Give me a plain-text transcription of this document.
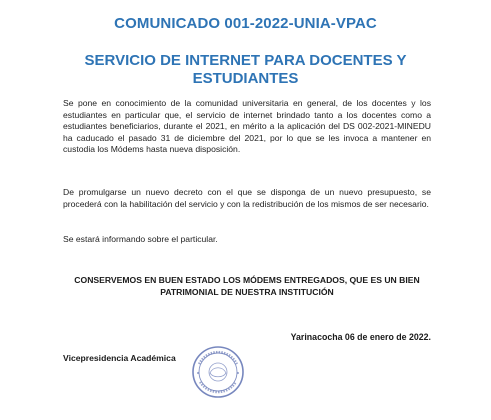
COMUNICADO 001-2022-UNIA-VPAC
SERVICIO DE INTERNET PARA DOCENTES Y ESTUDIANTES
Se pone en conocimiento de la comunidad universitaria en general, de los docentes y los estudiantes en particular que, el servicio de internet brindado tanto a los docentes como a estudiantes beneficiarios, durante el 2021, en mérito a la aplicación del DS 002-2021-MINEDU ha caducado el pasado 31 de diciembre del 2021, por lo que se les invoca a mantener en custodia los Módems hasta nueva disposición.
De promulgarse un nuevo decreto con el que se disponga de un nuevo presupuesto, se procederá con la habilitación del servicio y con la redistribución de los mismos de ser necesario.
Se estará informando sobre el particular.
CONSERVEMOS EN BUEN ESTADO LOS MÓDEMS ENTREGADOS, QUE ES UN BIEN PATRIMONIAL DE NUESTRA INSTITUCIÓN
Yarinacocha 06 de enero de 2022.
Vicepresidencia Académica
